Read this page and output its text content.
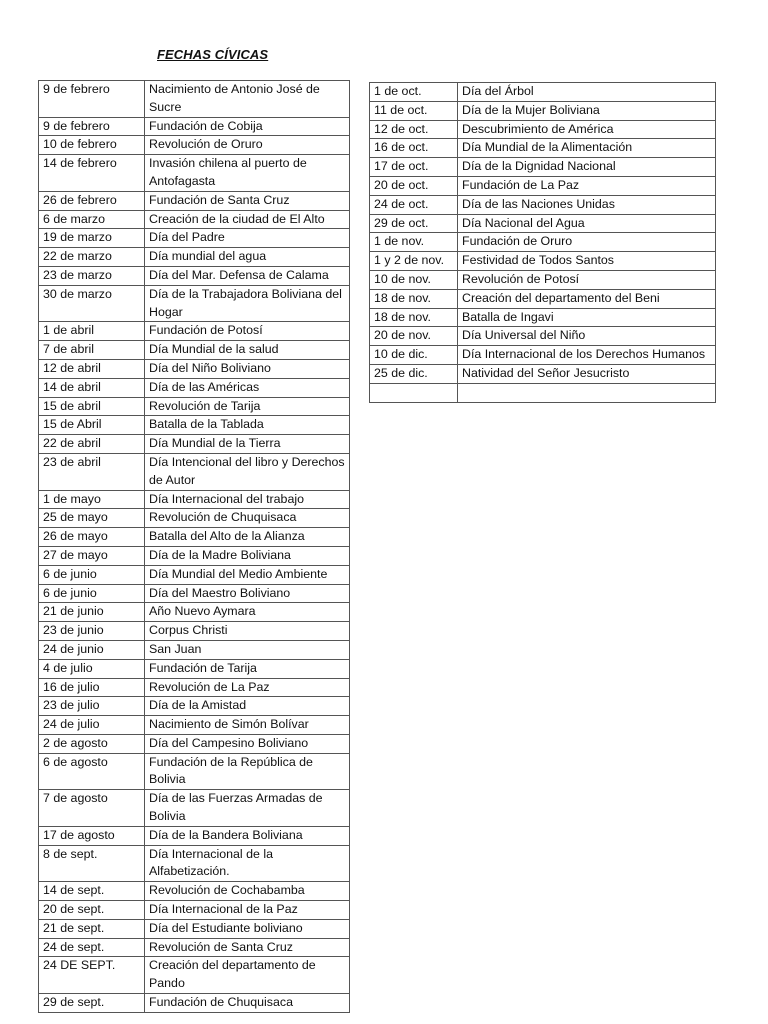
FECHAS CÍVICAS
9 de febrero	Nacimiento de Antonio José de Sucre
9 de febrero	Fundación de Cobija
10 de febrero	Revolución de Oruro
14 de febrero	Invasión chilena al puerto de Antofagasta
26 de febrero	Fundación de Santa Cruz
6 de marzo	Creación de la ciudad de El Alto
19 de marzo	Día del Padre
22 de marzo	Día mundial del agua
23 de marzo	Día del Mar. Defensa de Calama
30 de marzo	Día de la Trabajadora Boliviana del Hogar
1 de abril	Fundación de Potosí
7 de abril	Día Mundial de la salud
12 de abril	Día del Niño Boliviano
14 de abril	Día de las Américas
15 de abril	Revolución de Tarija
15 de Abril	Batalla de la Tablada
22 de abril	Día Mundial de la Tierra
23 de abril	Día Intencional del libro y Derechos de Autor
1 de mayo	Día Internacional del trabajo
25 de mayo	Revolución de Chuquisaca
26 de mayo	Batalla del Alto de la Alianza
27 de mayo	Día de la Madre Boliviana
6 de junio	Día Mundial del Medio Ambiente
6 de junio	Día del Maestro Boliviano
21 de junio	Año Nuevo Aymara
23 de junio	Corpus Christi
24 de junio	San Juan
4 de julio	Fundación de Tarija
16 de julio	Revolución de La Paz
23 de julio	Día de la Amistad
24 de julio	Nacimiento de Simón Bolívar
2 de agosto	Día del Campesino Boliviano
6 de agosto	Fundación de la República de Bolivia
7 de agosto	Día de las Fuerzas Armadas de Bolivia
17 de agosto	Día de la Bandera Boliviana
8 de sept.	Día Internacional de la Alfabetización.
14 de sept.	Revolución de Cochabamba
20 de sept.	Día Internacional de la Paz
21 de sept.	Día del Estudiante boliviano
24 de sept.	Revolución de Santa Cruz
24 DE SEPT.	Creación del departamento de Pando
29 de sept.	Fundación de Chuquisaca
1 de oct.	Día del Árbol
11 de oct.	Día de la Mujer Boliviana
12 de oct.	Descubrimiento de América
16 de oct.	Día Mundial de la Alimentación
17 de oct.	Día de la Dignidad Nacional
20 de oct.	Fundación de La Paz
24 de oct.	Día de las Naciones Unidas
29 de oct.	Día Nacional del Agua
1 de nov.	Fundación de Oruro
1 y 2 de nov.	Festividad de Todos Santos
10 de nov.	Revolución de Potosí
18 de nov.	Creación del departamento del Beni
18 de nov.	Batalla de Ingavi
20 de nov.	Día Universal del Niño
10 de dic.	Día Internacional de los Derechos Humanos
25 de dic.	Natividad del Señor Jesucristo
